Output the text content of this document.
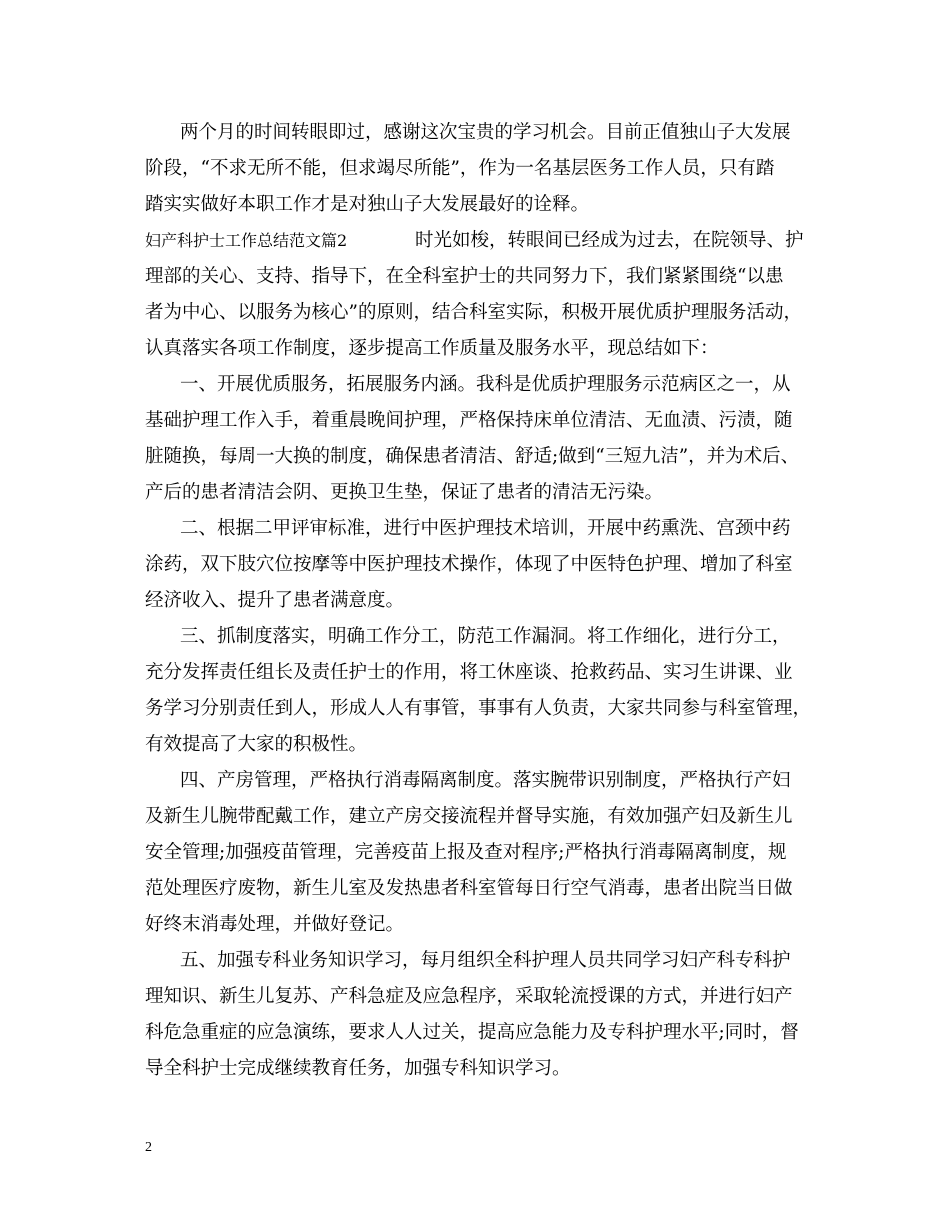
两个月的时间转眼即过，感谢这次宝贵的学习机会。目前正值独山子大发展
阶段，“不求无所不能，但求竭尽所能”，作为一名基层医务工作人员，只有踏
踏实实做好本职工作才是对独山子大发展最好的诠释。
妇产科护士工作总结范文篇2	时光如梭，转眼间已经成为过去，在院领导、护
理部的关心、支持、指导下，在全科室护士的共同努力下，我们紧紧围绕“以患
者为中心、以服务为核心”的原则，结合科室实际，积极开展优质护理服务活动，
认真落实各项工作制度，逐步提高工作质量及服务水平，现总结如下：
一、开展优质服务，拓展服务内涵。我科是优质护理服务示范病区之一，从
基础护理工作入手，着重晨晚间护理，严格保持床单位清洁、无血渍、污渍，随
脏随换，每周一大换的制度，确保患者清洁、舒适;做到“三短九洁”，并为术后、
产后的患者清洁会阴、更换卫生垫，保证了患者的清洁无污染。
二、根据二甲评审标准，进行中医护理技术培训，开展中药熏洗、宫颈中药
涂药，双下肢穴位按摩等中医护理技术操作，体现了中医特色护理、增加了科室
经济收入、提升了患者满意度。
三、抓制度落实，明确工作分工，防范工作漏洞。将工作细化，进行分工，
充分发挥责任组长及责任护士的作用，将工休座谈、抢救药品、实习生讲课、业
务学习分别责任到人，形成人人有事管，事事有人负责，大家共同参与科室管理，
有效提高了大家的积极性。
四、产房管理，严格执行消毒隔离制度。落实腕带识别制度，严格执行产妇
及新生儿腕带配戴工作，建立产房交接流程并督导实施，有效加强产妇及新生儿
安全管理;加强疫苗管理，完善疫苗上报及查对程序;严格执行消毒隔离制度，规
范处理医疗废物，新生儿室及发热患者科室管每日行空气消毒，患者出院当日做
好终末消毒处理，并做好登记。
五、加强专科业务知识学习，每月组织全科护理人员共同学习妇产科专科护
理知识、新生儿复苏、产科急症及应急程序，采取轮流授课的方式，并进行妇产
科危急重症的应急演练，要求人人过关，提高应急能力及专科护理水平;同时，督
导全科护士完成继续教育任务，加强专科知识学习。
2
